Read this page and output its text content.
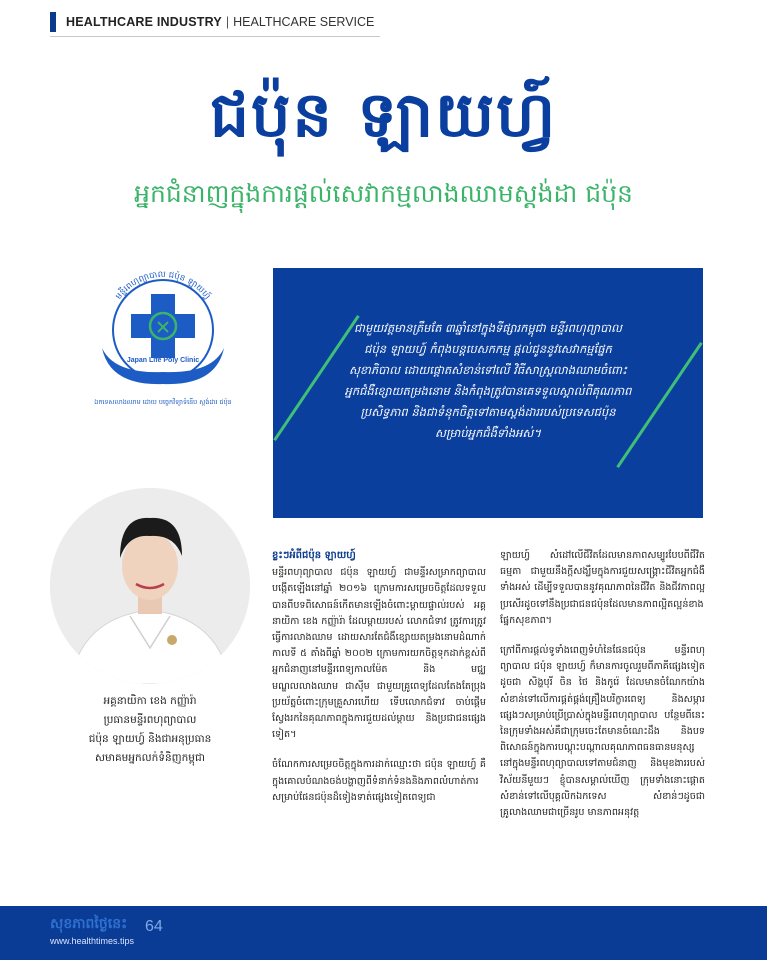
HEALTHCARE INDUSTRY | HEALTHCARE SERVICE
ជប៉ុន ឡាយហ្វ៍
អ្នកជំនាញក្នុងការផ្តល់សេវាកម្មលាងឈាមស្តង់ដា ជប៉ុន
មន្ទីរពហុព្យាបាល ជប៉ុន ឡាយហ្វ៍
Japan Life Poly Clinic
ឯកទេសលាងឈាម ដោយ បច្ចេកវិទ្យាទំនើប ស្តង់ដារ ជប៉ុន
ជាមួយវត្តមានត្រឹមតែ ៣ឆ្នាំនៅក្នុងទីផ្សារកម្ពុជា មន្ទីរពហុព្យាបាល ជប៉ុន ឡាយហ្វ៍ កំពុងបន្តបេសកកម្ម ផ្តល់ជូននូវសេវាកម្មផ្នែកសុខាភិបាល ដោយផ្តោតសំខាន់ទៅលើ វិធីសាស្រ្តលាងឈាមចំពោះអ្នកជំងឺខ្សោយតម្រងនោម និងកំពុងត្រូវបានគេទទួលស្គាល់ពីគុណភាព ប្រសិទ្ធភាព និងជាទំនុកចិត្តទៅតាមស្តង់ដាររបស់ប្រទេសជប៉ុន សម្រាប់អ្នកជំងឺទាំងអស់។
អគ្គនាយិកា ខេង កញ្ញ៉ារ៉ា
ប្រធានមន្ទីរពហុព្យាបាល
ជប៉ុន ឡាយហ្វ៍ និងជាអនុប្រធាន
សមាគមអ្នកលក់ទំនិញកម្ពុជា
ខ្លះៗអំពីជប៉ុន ឡាយហ្វ៍

មន្ទីរពហុព្យាបាល ជប៉ុន ឡាយហ្វ៍ ជាមន្ទីរសម្រាកព្យាបាលបង្កើតឡើងនៅឆ្នាំ ២០១៦ ក្រោមការសម្រេចចិត្តដែលទទួលបានពីបទពិសោធន៍កើតមានឡើងចំពោះម្តាយផ្ទាល់របស់ អគ្គនាយិកា ខេង កញ្ញ៉ារ៉ា ដែលម្តាយរបស់ លោកជំទាវ ត្រូវការត្រូវធ្វើការលាងឈាម ដោយសារតែជំងឺខ្សោយតម្រងនោមដំណាក់កាលទី ៥ តាំងពីឆ្នាំ ២០០២ ក្រោមការយកចិត្តទុកដាក់ខ្ពស់ពីអ្នកជំនាញនៅមន្ទីរពេទ្យកាលម៉ែត និង មជ្ឈមណ្ឌលលាងឈាម ជាស៊ីម ជាមួយគ្រូពេទ្យដែលតែងតែប្រុងប្រយ័ត្នចំពោះក្រុមគ្រួសារហើយ ទើបលោកជំទាវ ចាប់ផ្តើមស្វែងរកនៃគុណភាពក្នុងការជួយដល់ម្តាយ និងប្រជាជនផ្សេងទៀត។

ចំណែកការសម្រេចចិត្តក្នុងការដាក់ឈ្មោះថា ជប៉ុន ឡាយហ្វ៍ គឺក្នុងគោលបំណងចង់បង្ហាញពីទំនាក់ទំនងនិងភាពលំហាត់ការសម្រាប់ផែនជប៉ុនដ៏ទៀងទាត់ផ្សេងទៀតពេទ្យជា

ឡាយហ្វ៍ សំដៅលើជីវិតដែលមានភាពសម្បូរបែបពីជីវិតធម្មតា ជាមួយនឹងក្តីសង្ឃឹមក្នុងការជួយសង្គ្រោះជីវិតអ្នកជំងឺទាំងអស់ ដើម្បីទទួលបាននូវគុណភាពនៃជីវិត និងជីវភាពល្អប្រសើរដូចទៅនឹងប្រជាជនជប៉ុនដែលមានភាពល្អិតល្អន់ខាងផ្នែកសុខភាព។

ក្រៅពីការផ្តល់ទូទាំងពេញទំហំនៃផែនជប៉ុន មន្ទីរពហុព្យាបាល ជប៉ុន ឡាយហ្វ៍ ក៏មានការចូលរួមពីភាគីផ្សេងទៀតដូចជា សិង្ហបុរី ចិន ថៃ និងកូរ៉េ ដែលមានចំណែកយ៉ាងសំខាន់ទៅលើការផ្គត់ផ្គង់គ្រឿងបរិក្ខារពេទ្យ និងសម្ភារផ្សេងៗសម្រាប់ប្រើប្រាស់ក្នុងមន្ទីរពហុព្យាបាល បន្ថែមពីនេះនៃក្រុមទាំងអស់គឺជាក្រុមចេះតែមានចំណេះដឹង និងបទពិសោធន៍ក្នុងការបណ្តុះបណ្តាលគុណភាពធនធានមនុស្ស នៅក្នុងមន្ទីរពហុព្យាបាលទៅតាមជំនាញ និងមុខងាររបស់វិស័យនីមួយៗ ខ្ញុំបានសម្គាល់ឃើញ ក្រុមទាំងនោះផ្តោតសំខាន់ទៅលើបុគ្គលិកឯកទេស សំខាន់ៗដូចជា គ្រូលាងឈាមជាច្រើនរូប មានភាពអនុវត្ត

សុខភាពថ្ងៃនេះ
www.healthtimes.tips
64
